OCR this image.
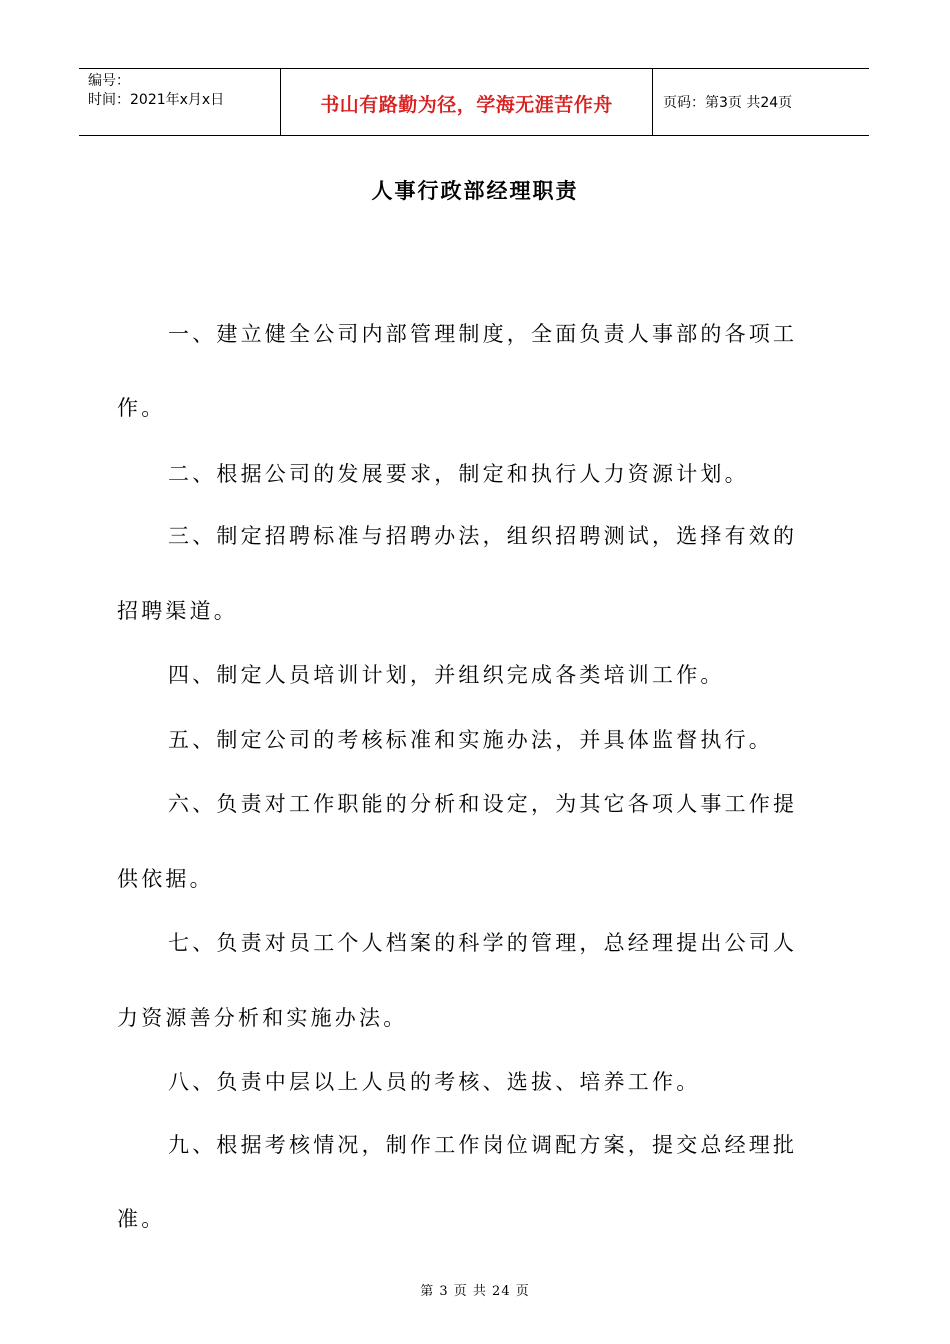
编号：
时间：2021年x月x日	书山有路勤为径，学海无涯苦作舟	页码：第3页 共24页
人事行政部经理职责
一、建立健全公司内部管理制度，全面负责人事部的各项工
作。
二、根据公司的发展要求，制定和执行人力资源计划。
三、制定招聘标准与招聘办法，组织招聘测试，选择有效的
招聘渠道。
四、制定人员培训计划，并组织完成各类培训工作。
五、制定公司的考核标准和实施办法，并具体监督执行。
六、负责对工作职能的分析和设定，为其它各项人事工作提
供依据。
七、负责对员工个人档案的科学的管理，总经理提出公司人
力资源善分析和实施办法。
八、负责中层以上人员的考核、选拔、培养工作。
九、根据考核情况，制作工作岗位调配方案，提交总经理批
准。
第 3 页 共 24 页
